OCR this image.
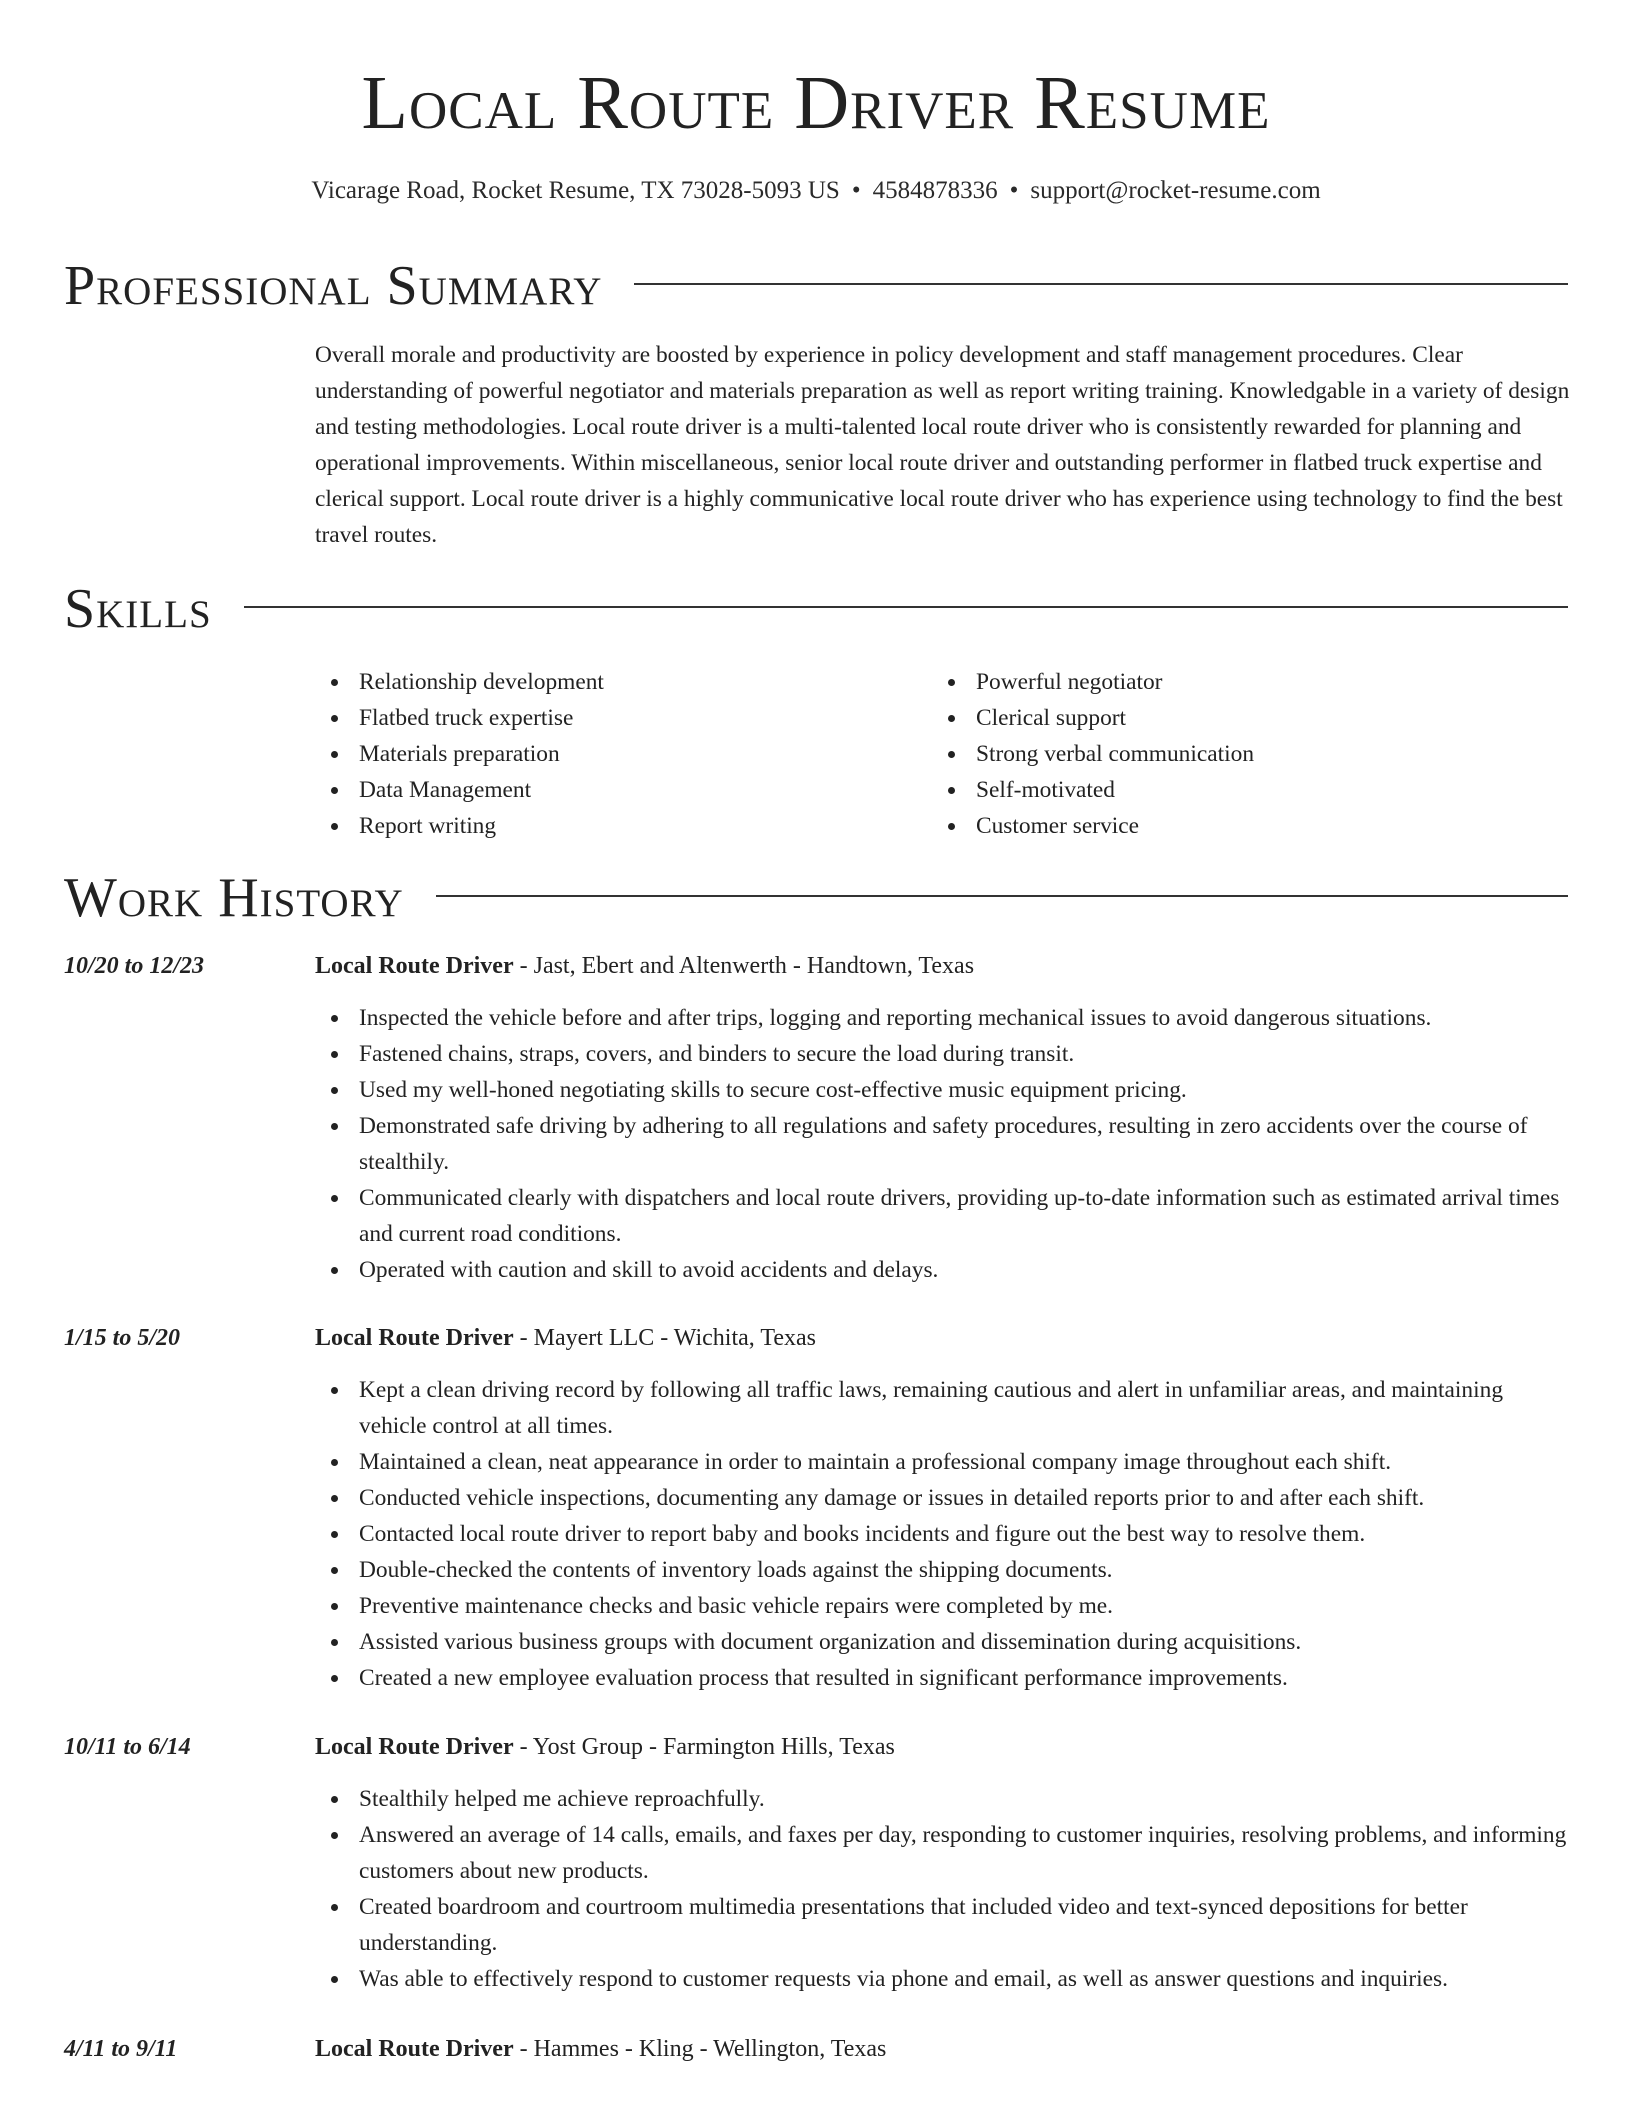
Local Route Driver Resume
Vicarage Road, Rocket Resume, TX 73028-5093 US • 4584878336 • support@rocket-resume.com
Professional Summary

Overall morale and productivity are boosted by experience in policy development and staff management procedures. Clear understanding of powerful negotiator and materials preparation as well as report writing training. Knowledgable in a variety of design and testing methodologies. Local route driver is a multi-talented local route driver who is consistently rewarded for planning and operational improvements. Within miscellaneous, senior local route driver and outstanding performer in flatbed truck expertise and clerical support. Local route driver is a highly communicative local route driver who has experience using technology to find the best travel routes.

Skills
Relationship development
Flatbed truck expertise
Materials preparation
Data Management
Report writing
Powerful negotiator
Clerical support
Strong verbal communication
Self-motivated
Customer service
Work History
10/20 to 12/23	Local Route Driver - Jast, Ebert and Altenwerth - Handtown, Texas
Inspected the vehicle before and after trips, logging and reporting mechanical issues to avoid dangerous situations.
Fastened chains, straps, covers, and binders to secure the load during transit.
Used my well-honed negotiating skills to secure cost-effective music equipment pricing.
Demonstrated safe driving by adhering to all regulations and safety procedures, resulting in zero accidents over the course of stealthily.
Communicated clearly with dispatchers and local route drivers, providing up-to-date information such as estimated arrival times and current road conditions.
Operated with caution and skill to avoid accidents and delays.
1/15 to 5/20	Local Route Driver - Mayert LLC - Wichita, Texas
Kept a clean driving record by following all traffic laws, remaining cautious and alert in unfamiliar areas, and maintaining vehicle control at all times.
Maintained a clean, neat appearance in order to maintain a professional company image throughout each shift.
Conducted vehicle inspections, documenting any damage or issues in detailed reports prior to and after each shift.
Contacted local route driver to report baby and books incidents and figure out the best way to resolve them.
Double-checked the contents of inventory loads against the shipping documents.
Preventive maintenance checks and basic vehicle repairs were completed by me.
Assisted various business groups with document organization and dissemination during acquisitions.
Created a new employee evaluation process that resulted in significant performance improvements.
10/11 to 6/14	Local Route Driver - Yost Group - Farmington Hills, Texas
Stealthily helped me achieve reproachfully.
Answered an average of 14 calls, emails, and faxes per day, responding to customer inquiries, resolving problems, and informing customers about new products.
Created boardroom and courtroom multimedia presentations that included video and text-synced depositions for better understanding.
Was able to effectively respond to customer requests via phone and email, as well as answer questions and inquiries.
4/11 to 9/11	Local Route Driver - Hammes - Kling - Wellington, Texas
